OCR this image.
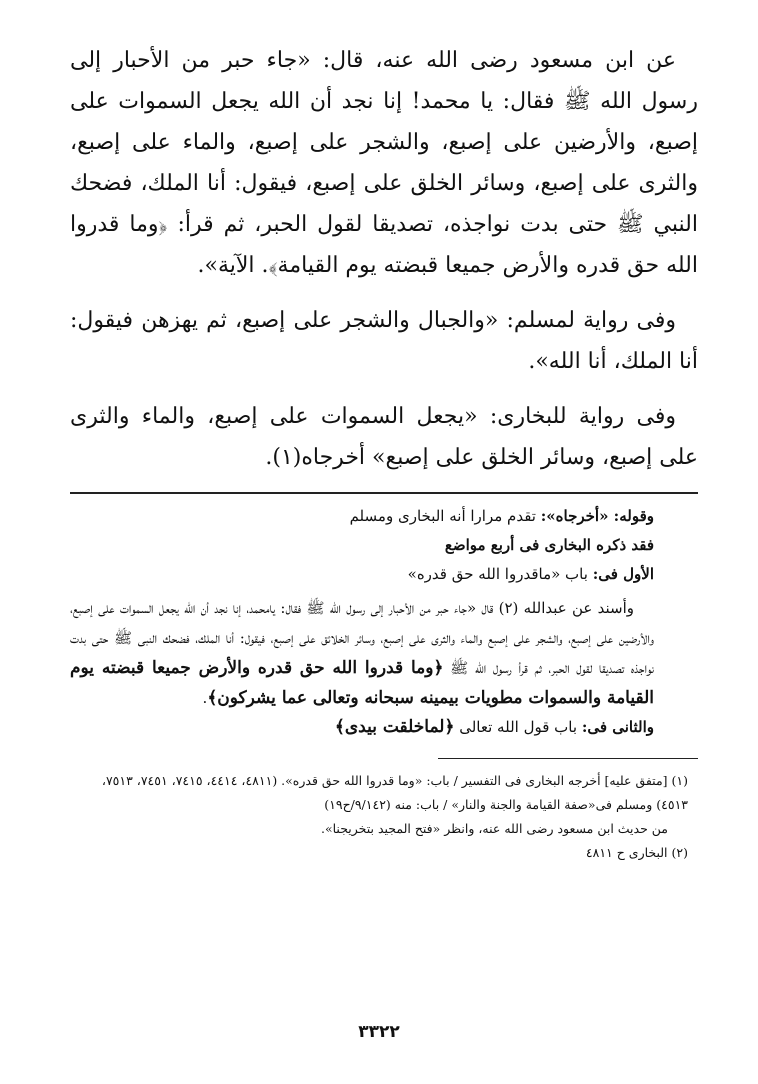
عن ابن مسعود رضى الله عنه، قال: «جاء حبر من الأحبار إلى رسول الله ﷺ فقال: يا محمد! إنا نجد أن الله يجعل السموات على إصبع، والأرضين على إصبع، والشجر على إصبع، والماء على إصبع، والثرى على إصبع، وسائر الخلق على إصبع، فيقول: أنا الملك، فضحك النبي ﷺ حتى بدت نواجذه، تصديقا لقول الحبر، ثم قرأ: ﴿وما قدروا الله حق قدره والأرض جميعا قبضته يوم القيامة﴾. الآية».

وفى رواية لمسلم: «والجبال والشجر على إصبع، ثم يهزهن فيقول: أنا الملك، أنا الله».

وفى رواية للبخارى: «يجعل السموات على إصبع، والماء والثرى على إصبع، وسائر الخلق على إصبع» أخرجاه(١).

وقوله: «أخرجاه»: تقدم مرارا أنه البخارى ومسلم

فقد ذكره البخارى فى أربع مواضع

الأول فى: باب «ماقدروا الله حق قدره»

وأسند عن عبدالله (٢) قال «جاء حبر من الأحبار إلى رسول الله ﷺ فقال: يامحمد، إنا نجد أن الله يجعل السموات على إصبع، والأرضين على إصبع، والشجر على إصبع والماء والثرى على إصبع، وسائر الخلائق على إصبع، فيقول: أنا الملك، فضحك النبى ﷺ حتى بدت نواجذه تصديقا لقول الحبر، ثم قرأ رسول الله ﷺ ﴿وما قدروا الله حق قدره والأرض جميعا قبضته يوم القيامة والسموات مطويات بيمينه سبحانه وتعالى عما يشركون﴾.

والثانى فى: باب قول الله تعالى ﴿لماخلقت بيدى﴾

(١) [متفق عليه] أخرجه البخارى فى التفسير / باب: «وما قدروا الله حق قدره». (٤٨١١، ٤٤١٤، ٧٤١٥، ٧٤٥١، ٧٥١٣، ٤٥١٣) ومسلم فى«صفة القيامة والجنة والنار» / باب: منه (٩/١٤٢/ح١٩)

من حديث ابن مسعود رضى الله عنه، وانظر «فتح المجيد بتخريجنا».

(٢) البخارى ح ٤٨١١

٣٣٢٢
